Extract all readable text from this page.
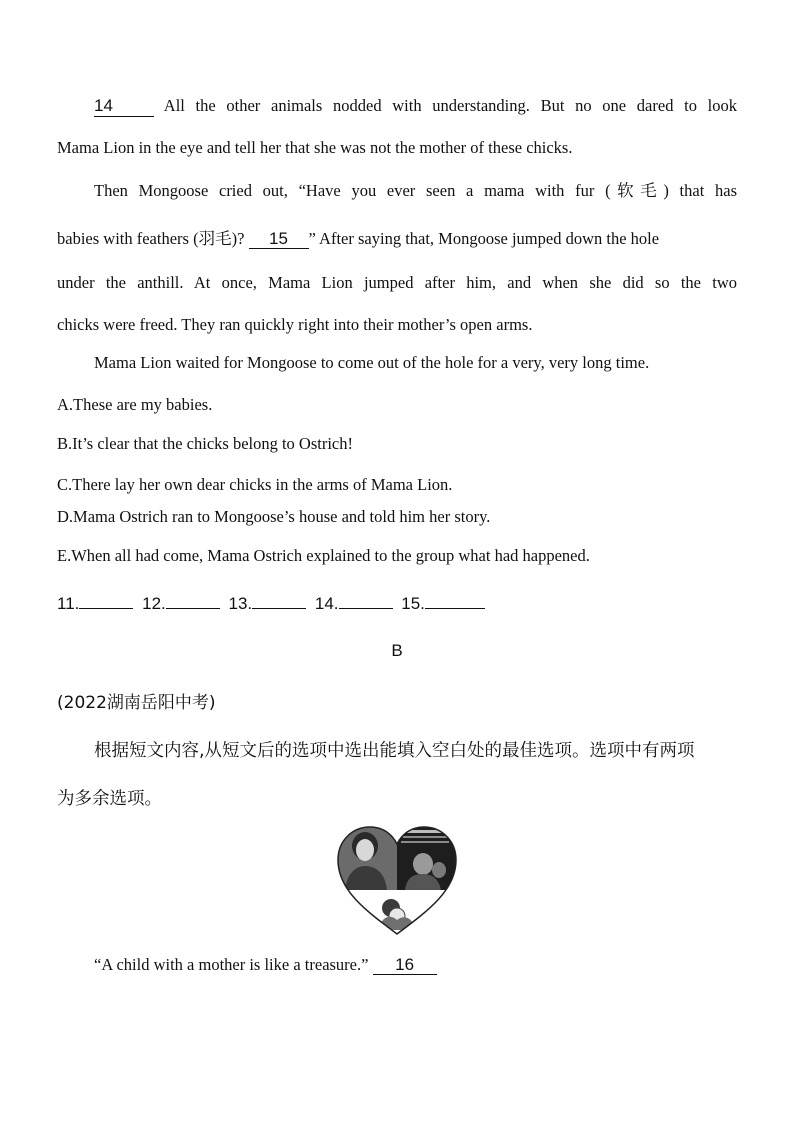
14	All the other animals nodded with understanding. But no one dared to look
Mama Lion in the eye and tell her that she was not the mother of these chicks.
Then Mongoose cried out, “Have you ever seen a mama with fur (软毛) that has
babies with feathers (羽毛)? 15 ” After saying that, Mongoose jumped down the hole
under the anthill. At once, Mama Lion jumped after him, and when she did so the two
chicks were freed. They ran quickly right into their mother’s open arms.
Mama Lion waited for Mongoose to come out of the hole for a very, very long time.
A.These are my babies.
B.It’s clear that the chicks belong to Ostrich!
C.There lay her own dear chicks in the arms of Mama Lion.
D.Mama Ostrich ran to Mongoose’s house and told him her story.
E.When all had come, Mama Ostrich explained to the group what had happened.
11.	12.	13.	14.	15.
B
(2022湖南岳阳中考)
根据短文内容,从短文后的选项中选出能填入空白处的最佳选项。选项中有两项
为多余选项。
“A child with a mother is like a treasure.” 16
